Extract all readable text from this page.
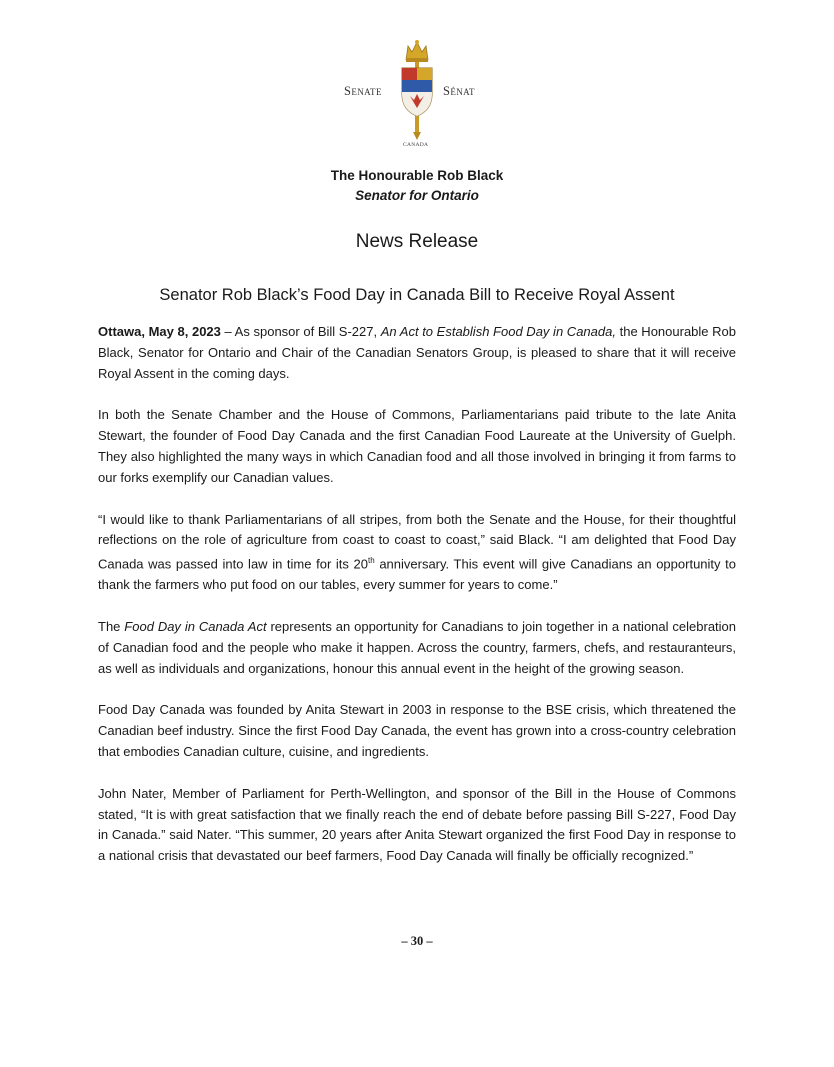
Senate	Sénat
CANADA
The Honourable Rob Black
Senator for Ontario
News Release
Senator Rob Black’s Food Day in Canada Bill to Receive Royal Assent

Ottawa, May 8, 2023 – As sponsor of Bill S-227, An Act to Establish Food Day in Canada, the Honourable Rob Black, Senator for Ontario and Chair of the Canadian Senators Group, is pleased to share that it will receive Royal Assent in the coming days.

In both the Senate Chamber and the House of Commons, Parliamentarians paid tribute to the late Anita Stewart, the founder of Food Day Canada and the first Canadian Food Laureate at the University of Guelph. They also highlighted the many ways in which Canadian food and all those involved in bringing it from farms to our forks exemplify our Canadian values.

“I would like to thank Parliamentarians of all stripes, from both the Senate and the House, for their thoughtful reflections on the role of agriculture from coast to coast to coast,” said Black. “I am delighted that Food Day Canada was passed into law in time for its 20th anniversary. This event will give Canadians an opportunity to thank the farmers who put food on our tables, every summer for years to come.”

The Food Day in Canada Act represents an opportunity for Canadians to join together in a national celebration of Canadian food and the people who make it happen. Across the country, farmers, chefs, and restauranteurs, as well as individuals and organizations, honour this annual event in the height of the growing season.

Food Day Canada was founded by Anita Stewart in 2003 in response to the BSE crisis, which threatened the Canadian beef industry. Since the first Food Day Canada, the event has grown into a cross-country celebration that embodies Canadian culture, cuisine, and ingredients.

John Nater, Member of Parliament for Perth-Wellington, and sponsor of the Bill in the House of Commons stated, “It is with great satisfaction that we finally reach the end of debate before passing Bill S-227, Food Day in Canada.” said Nater. “This summer, 20 years after Anita Stewart organized the first Food Day in response to a national crisis that devastated our beef farmers, Food Day Canada will finally be officially recognized.”

– 30 –
